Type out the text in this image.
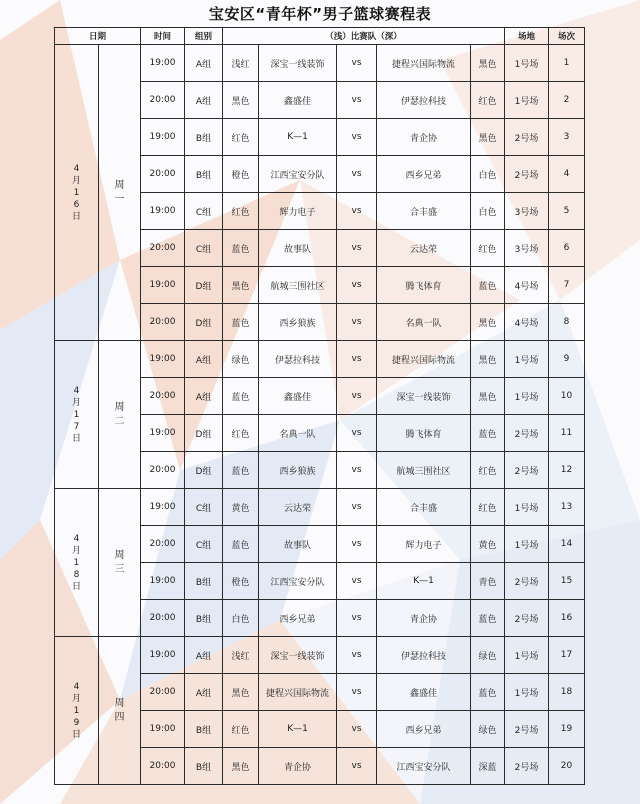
宝安区“青年杯”男子篮球赛程表
日期		时间	组别	（浅）比赛队（深）					场地	场次
4月16日	周一	19:00	A组	浅红	深宝一线装饰	vs	捷程兴国际物流	黑色	1号场	1
		20:00	A组	黑色	鑫盛佳	vs	伊瑟拉科技	红色	1号场	2
		19:00	B组	红色	K—1	vs	青企协	黑色	2号场	3
		20:00	B组	橙色	江西宝安分队	vs	西乡兄弟	白色	2号场	4
		19:00	C组	红色	辉力电子	vs	合丰盛	白色	3号场	5
		20:00	C组	蓝色	故事队	vs	云达荣	红色	3号场	6
		19:00	D组	黑色	航城三围社区	vs	腾飞体育	蓝色	4号场	7
		20:00	D组	蓝色	西乡狼族	vs	名典一队	黑色	4号场	8
4月17日	周二	19:00	A组	绿色	伊瑟拉科技	vs	捷程兴国际物流	黑色	1号场	9
		20:00	A组	蓝色	鑫盛佳	vs	深宝一线装饰	黑色	1号场	10
		19:00	D组	红色	名典一队	vs	腾飞体育	蓝色	2号场	11
		20:00	D组	蓝色	西乡狼族	vs	航城三围社区	红色	2号场	12
4月18日	周三	19:00	C组	黄色	云达荣	vs	合丰盛	红色	1号场	13
		20:00	C组	蓝色	故事队	vs	辉力电子	黄色	1号场	14
		19:00	B组	橙色	江西宝安分队	vs	K—1	青色	2号场	15
		20:00	B组	白色	西乡兄弟	vs	青企协	蓝色	2号场	16
4月19日	周四	19:00	A组	浅红	深宝一线装饰	vs	伊瑟拉科技	绿色	1号场	17
		20:00	A组	黑色	捷程兴国际物流	vs	鑫盛佳	蓝色	1号场	18
		19:00	B组	红色	K—1	vs	西乡兄弟	绿色	2号场	19
		20:00	B组	黑色	青企协	vs	江西宝安分队	深蓝	2号场	20
